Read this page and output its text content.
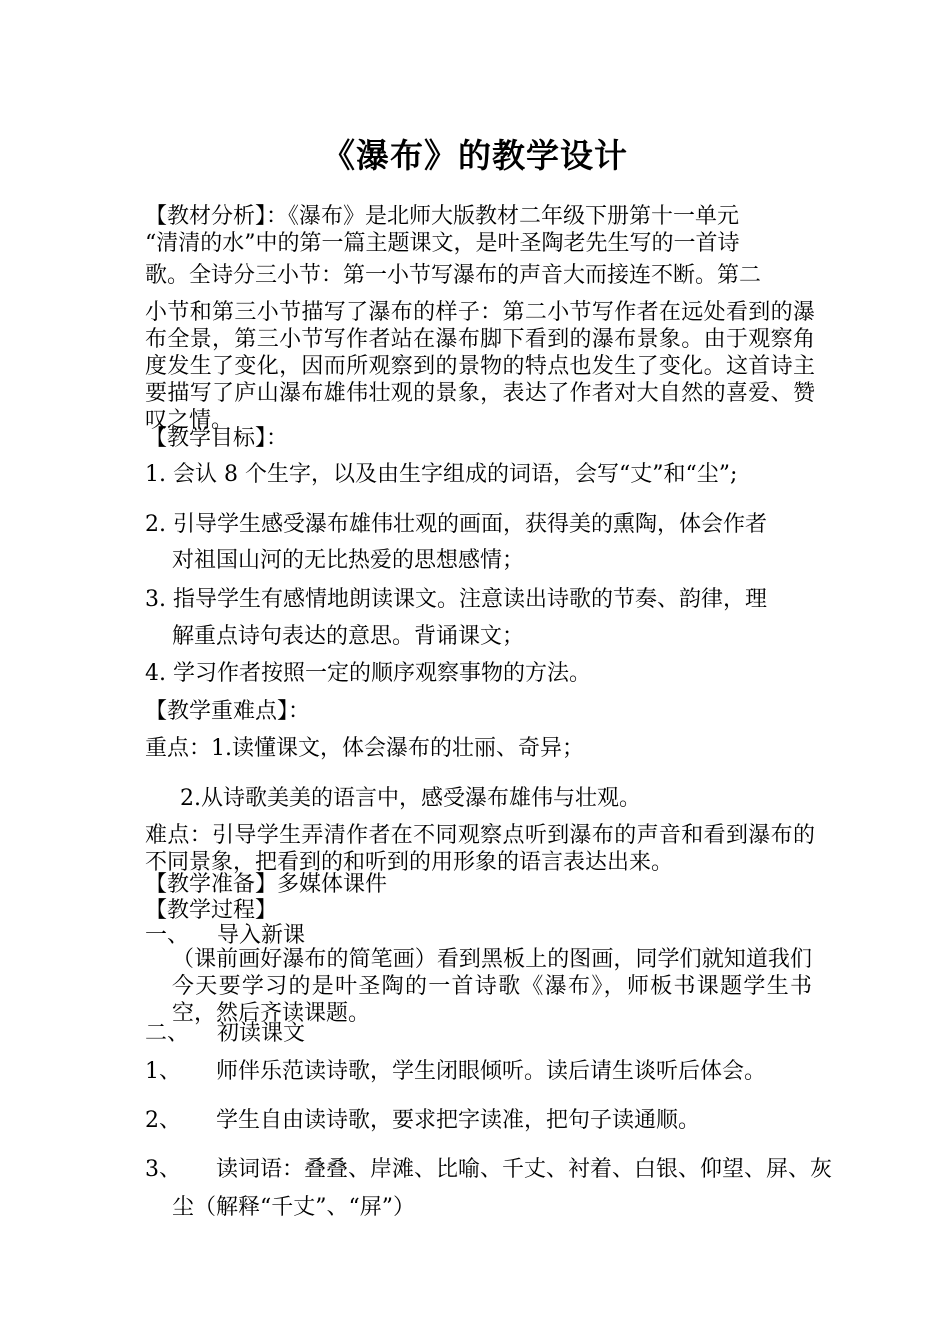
《瀑布》的教学设计
【教材分析】：《瀑布》是北师大版教材二年级下册第十一单元
“清清的水”中的第一篇主题课文，是叶圣陶老先生写的一首诗
歌。全诗分三小节：第一小节写瀑布的声音大而接连不断。第二
小节和第三小节描写了瀑布的样子：第二小节写作者在远处看到的瀑布全景，第三小节写作者站在瀑布脚下看到的瀑布景象。由于观察角度发生了变化，因而所观察到的景物的特点也发生了变化。这首诗主要描写了庐山瀑布雄伟壮观的景象，表达了作者对大自然的喜爱、赞叹之情。
【教学目标】：
1. 会认 8 个生字，以及由生字组成的词语，会写“丈”和“尘”;
2. 引导学生感受瀑布雄伟壮观的画面，获得美的熏陶，体会作者
对祖国山河的无比热爱的思想感情；
3. 指导学生有感情地朗读课文。注意读出诗歌的节奏、韵律，理
解重点诗句表达的意思。背诵课文；
4. 学习作者按照一定的顺序观察事物的方法。
【教学重难点】：
重点：1.读懂课文，体会瀑布的壮丽、奇异；
2.从诗歌美美的语言中，感受瀑布雄伟与壮观。
难点：引导学生弄清作者在不同观察点听到瀑布的声音和看到瀑布的不同景象，把看到的和听到的用形象的语言表达出来。
【教学准备】多媒体课件
【教学过程】
一、    导入新课
（课前画好瀑布的简笔画）看到黑板上的图画，同学们就知道我们今天要学习的是叶圣陶的一首诗歌《瀑布》，师板书课题学生书空，然后齐读课题。
二、    初读课文
1、     师伴乐范读诗歌，学生闭眼倾听。读后请生谈听后体会。
2、     学生自由读诗歌，要求把字读准，把句子读通顺。
3、     读词语：叠叠、岸滩、比喻、千丈、衬着、白银、仰望、屏、灰
尘（解释“千丈”、“屏”）
